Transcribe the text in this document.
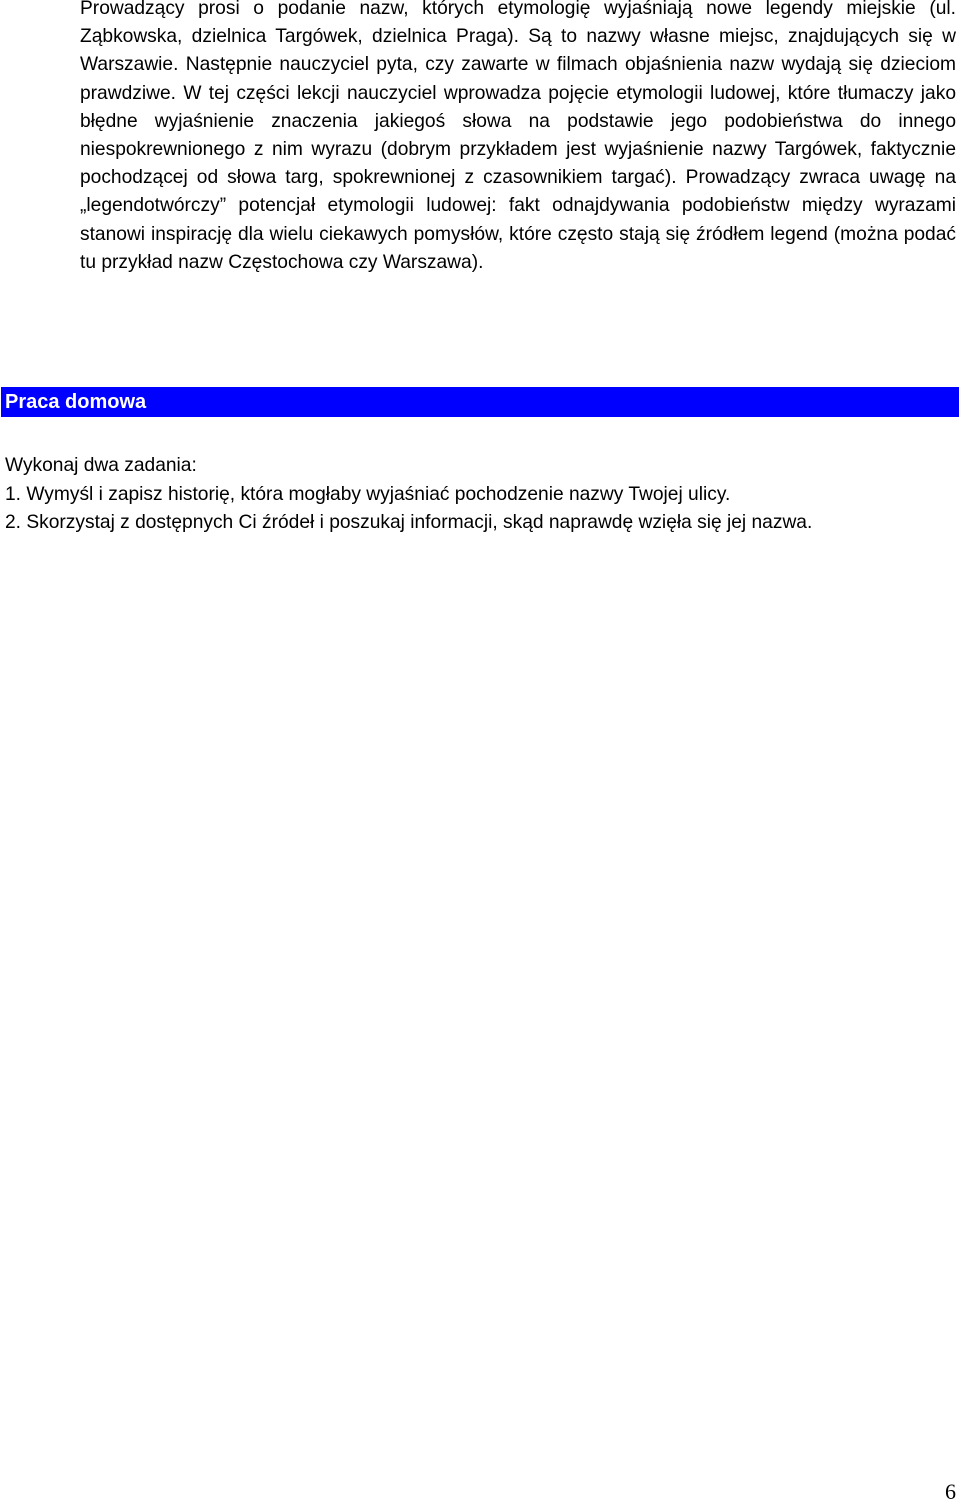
Prowadzący prosi o podanie nazw, których etymologię wyjaśniają nowe legendy miejskie (ul. Ząbkowska, dzielnica Targówek, dzielnica Praga). Są to nazwy własne miejsc, znajdujących się w Warszawie. Następnie nauczyciel pyta, czy zawarte w filmach objaśnienia nazw wydają się dzieciom prawdziwe. W tej części lekcji nauczyciel wprowadza pojęcie etymologii ludowej, które tłumaczy jako błędne wyjaśnienie znaczenia jakiegoś słowa na podstawie jego podobieństwa do innego niespokrewnionego z nim wyrazu (dobrym przykładem jest wyjaśnienie nazwy Targówek, faktycznie pochodzącej od słowa targ, spokrewnionej z czasownikiem targać). Prowadzący zwraca uwagę na „legendotwórczy” potencjał etymologii ludowej: fakt odnajdywania podobieństw między wyrazami stanowi inspirację dla wielu ciekawych pomysłów, które często stają się źródłem legend (można podać tu przykład nazw Częstochowa czy Warszawa).

Praca domowa
Wykonaj dwa zadania:
1. Wymyśl i zapisz historię, która mogłaby wyjaśniać pochodzenie nazwy Twojej ulicy.
2. Skorzystaj z dostępnych Ci źródeł i poszukaj informacji, skąd naprawdę wzięła się jej nazwa.
6
